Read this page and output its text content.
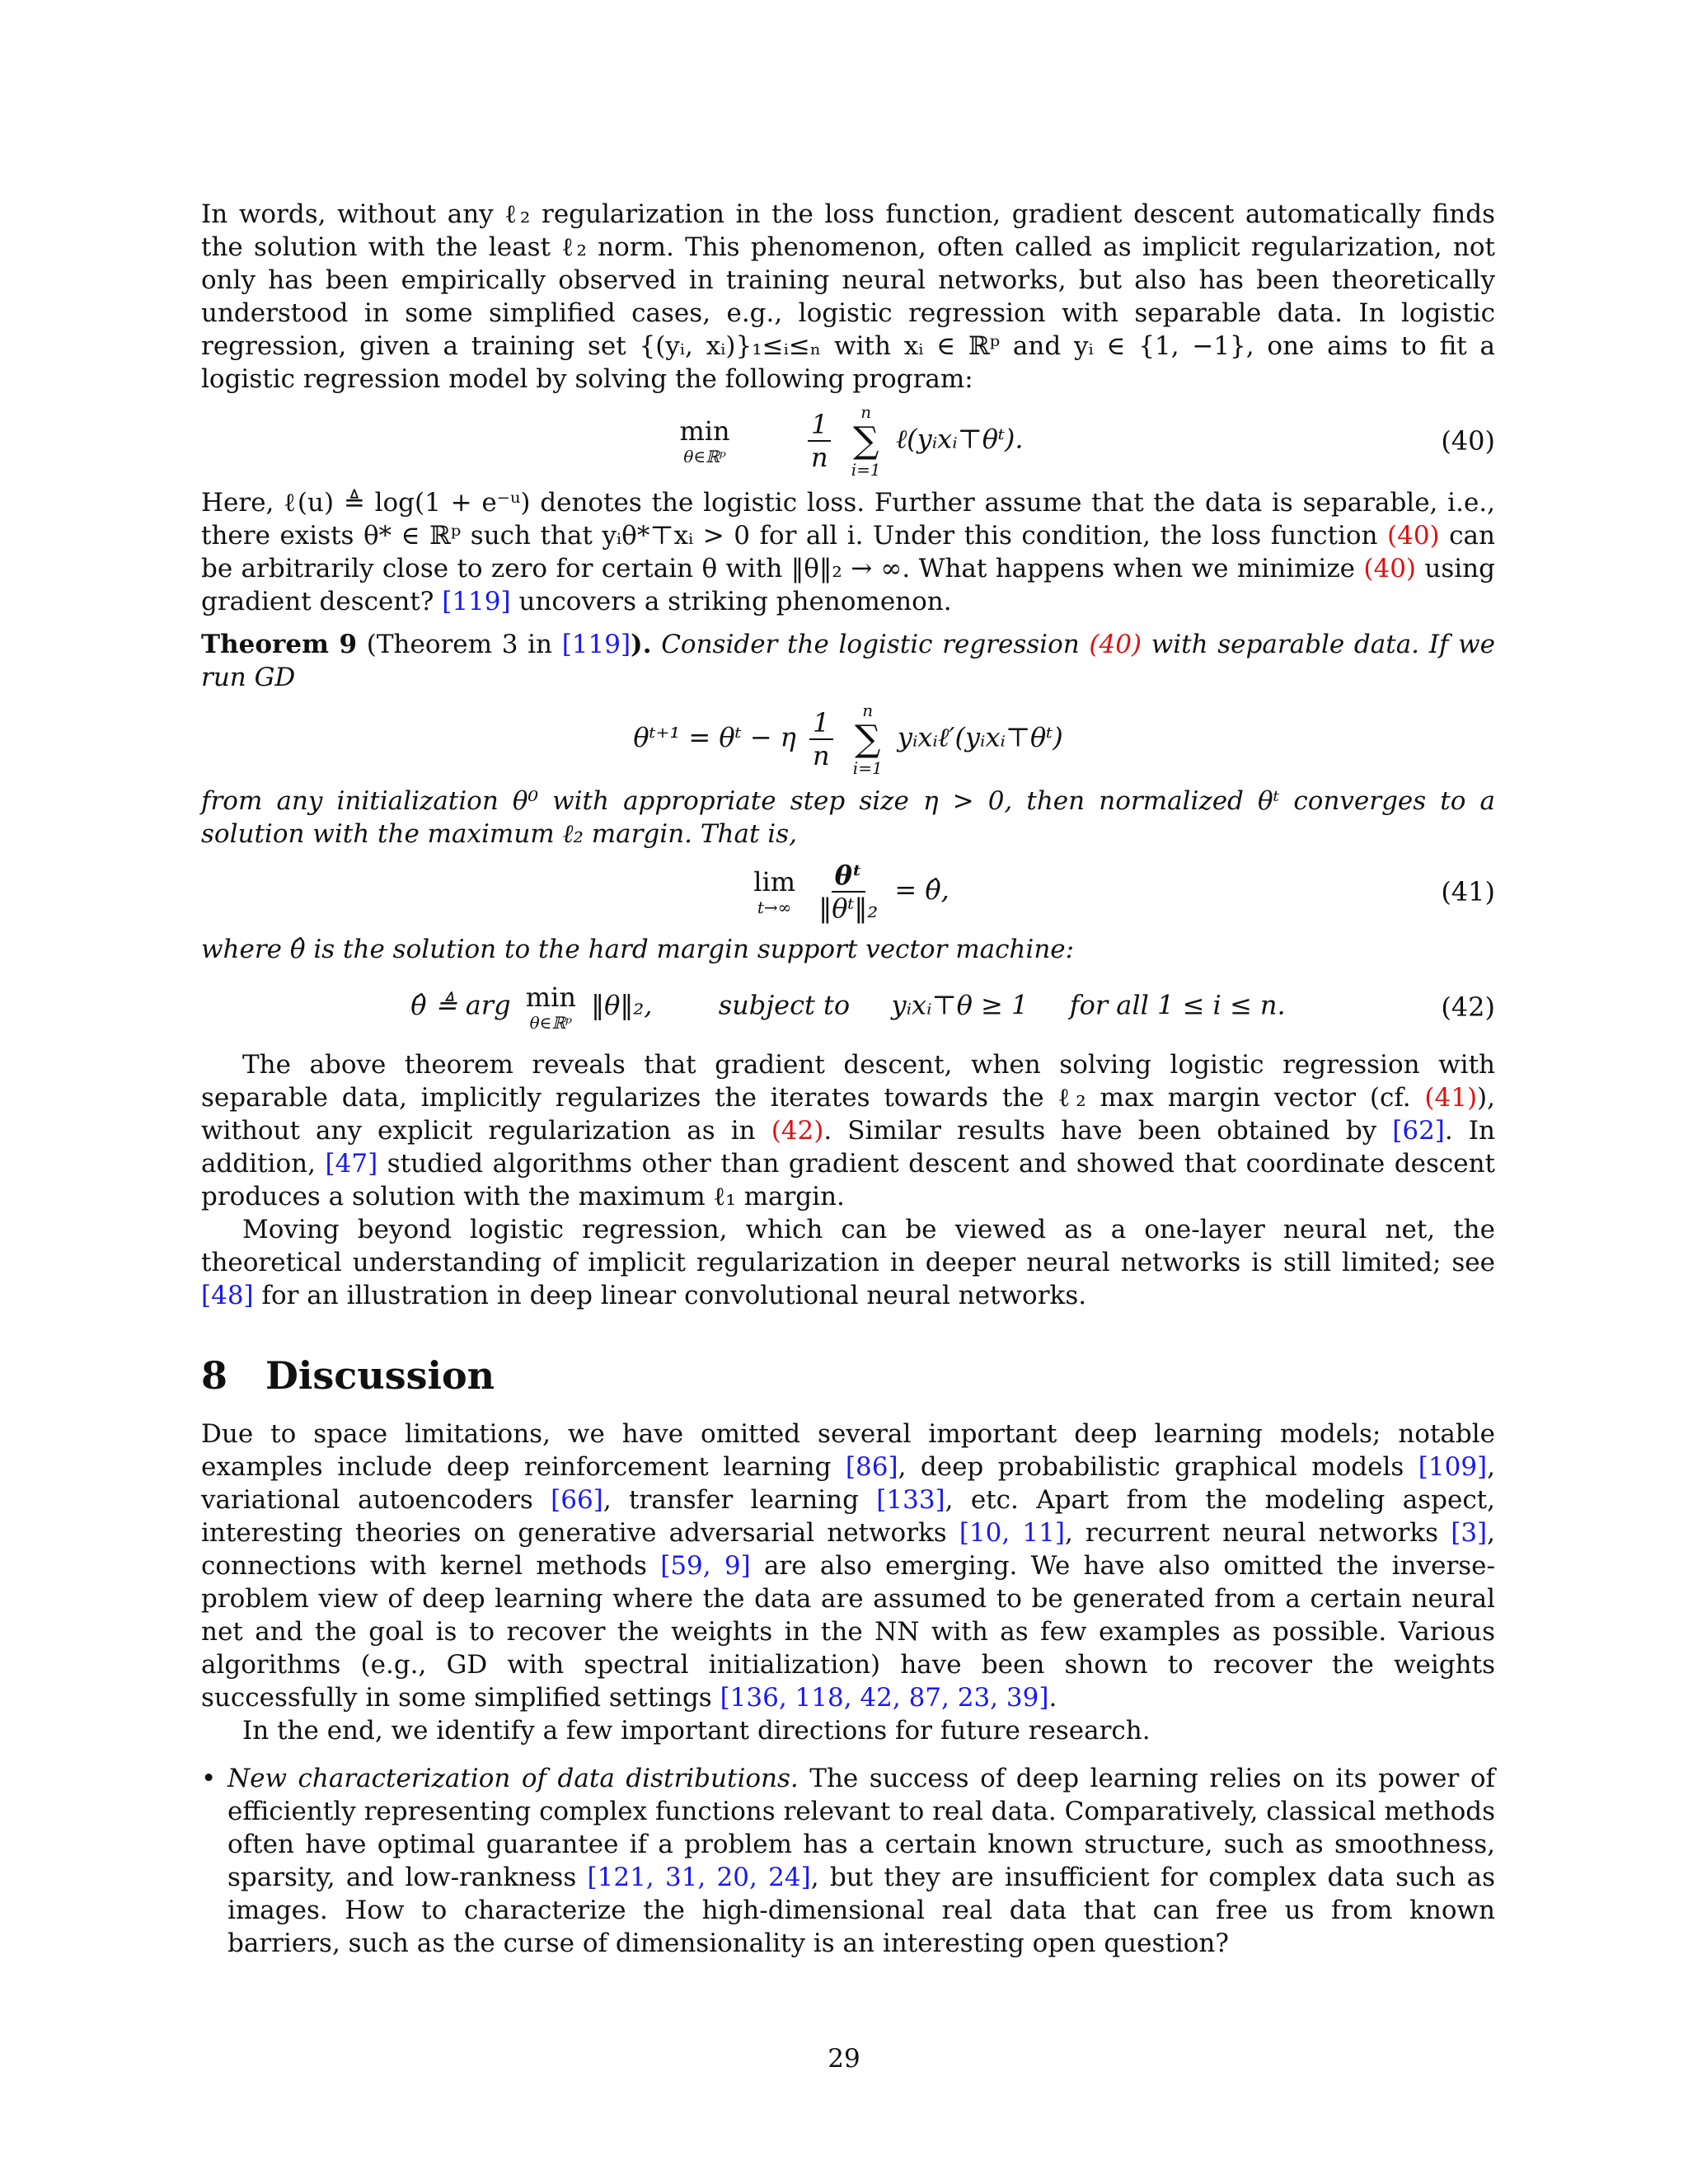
In words, without any ℓ₂ regularization in the loss function, gradient descent automatically finds the solution with the least ℓ₂ norm. This phenomenon, often called as implicit regularization, not only has been empirically observed in training neural networks, but also has been theoretically understood in some simplified cases, e.g., logistic regression with separable data. In logistic regression, given a training set {(yᵢ, xᵢ)}₁≤ᵢ≤ₙ with xᵢ ∈ ℝᵖ and yᵢ ∈ {1, −1}, one aims to fit a logistic regression model by solving the following program:

min
θ∈ℝᵖ
	$\frac{1}{n}$
n
∑
i=1
ℓ(yᵢxᵢ⊤θᵗ).	(40)

Here, ℓ(u) ≜ log(1 + e⁻ᵘ) denotes the logistic loss. Further assume that the data is separable, i.e., there exists θ* ∈ ℝᵖ such that yᵢθ*⊤xᵢ > 0 for all i. Under this condition, the loss function (40) can be arbitrarily close to zero for certain θ with ‖θ‖₂ → ∞. What happens when we minimize (40) using gradient descent? [119] uncovers a striking phenomenon.

Theorem 9 (Theorem 3 in [119]). Consider the logistic regression (40) with separable data. If we run GD

θᵗ⁺¹ = θᵗ − η $\frac{1}{n}$
n
∑
i=1
yᵢxᵢℓ′(yᵢxᵢ⊤θᵗ)

from any initialization θ⁰ with appropriate step size η > 0, then normalized θᵗ converges to a solution with the maximum ℓ₂ margin. That is,

lim
t→∞
$\frac{\text{θᵗ}}{\text{‖θᵗ‖₂}}$ = θ̂,	(41)

where θ̂ is the solution to the hard margin support vector machine:

θ̂ ≜ arg min
θ∈ℝᵖ
‖θ‖₂,	subject to yᵢxᵢ⊤θ ≥ 1 for all 1 ≤ i ≤ n.	(42)

The above theorem reveals that gradient descent, when solving logistic regression with separable data, implicitly regularizes the iterates towards the ℓ₂ max margin vector (cf. (41)), without any explicit regularization as in (42). Similar results have been obtained by [62]. In addition, [47] studied algorithms other than gradient descent and showed that coordinate descent produces a solution with the maximum ℓ₁ margin.

Moving beyond logistic regression, which can be viewed as a one-layer neural net, the theoretical understanding of implicit regularization in deeper neural networks is still limited; see [48] for an illustration in deep linear convolutional neural networks.

8 Discussion

Due to space limitations, we have omitted several important deep learning models; notable examples include deep reinforcement learning [86], deep probabilistic graphical models [109], variational autoencoders [66], transfer learning [133], etc. Apart from the modeling aspect, interesting theories on generative adversarial networks [10, 11], recurrent neural networks [3], connections with kernel methods [59, 9] are also emerging. We have also omitted the inverse-problem view of deep learning where the data are assumed to be generated from a certain neural net and the goal is to recover the weights in the NN with as few examples as possible. Various algorithms (e.g., GD with spectral initialization) have been shown to recover the weights successfully in some simplified settings [136, 118, 42, 87, 23, 39].

In the end, we identify a few important directions for future research.

• New characterization of data distributions. The success of deep learning relies on its power of efficiently representing complex functions relevant to real data. Comparatively, classical methods often have optimal guarantee if a problem has a certain known structure, such as smoothness, sparsity, and low-rankness [121, 31, 20, 24], but they are insufficient for complex data such as images. How to characterize the high-dimensional real data that can free us from known barriers, such as the curse of dimensionality is an interesting open question?
29
